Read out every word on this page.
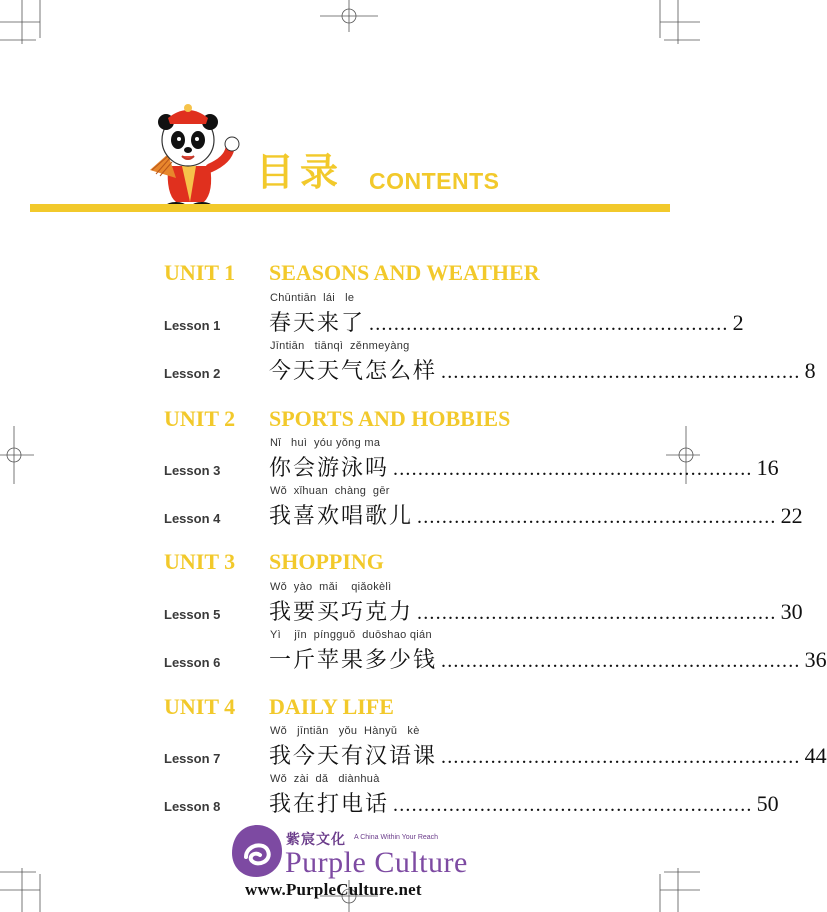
目录 CONTENTS
UNIT 1 SEASONS AND WEATHER
Lesson 1
Chūntiān  lái   le
春天来了 .......................................................... 2
Lesson 2
Jīntiān   tiānqì  zěnmeyàng
今天天气怎么样 .......................................................... 8
UNIT 2 SPORTS AND HOBBIES
Lesson 3
Nǐ   huì  yóu yǒng ma
你会游泳吗 .......................................................... 16
Lesson 4
Wǒ  xǐhuan  chàng  gēr
我喜欢唱歌儿 .......................................................... 22
UNIT 3 SHOPPING
Lesson 5
Wǒ  yào  mǎi    qiǎokèlì
我要买巧克力 .......................................................... 30
Lesson 6
Yì    jīn  píngguǒ  duōshao qián
一斤苹果多少钱 .......................................................... 36
UNIT 4 DAILY LIFE
Lesson 7
Wǒ   jīntiān   yǒu  Hànyǔ   kè
我今天有汉语课 .......................................................... 44
Lesson 8
Wǒ  zài  dǎ   diànhuà
我在打电话 .......................................................... 50
紫宸文化 A China Within Your Reach
Purple Culture
www.PurpleCulture.net
